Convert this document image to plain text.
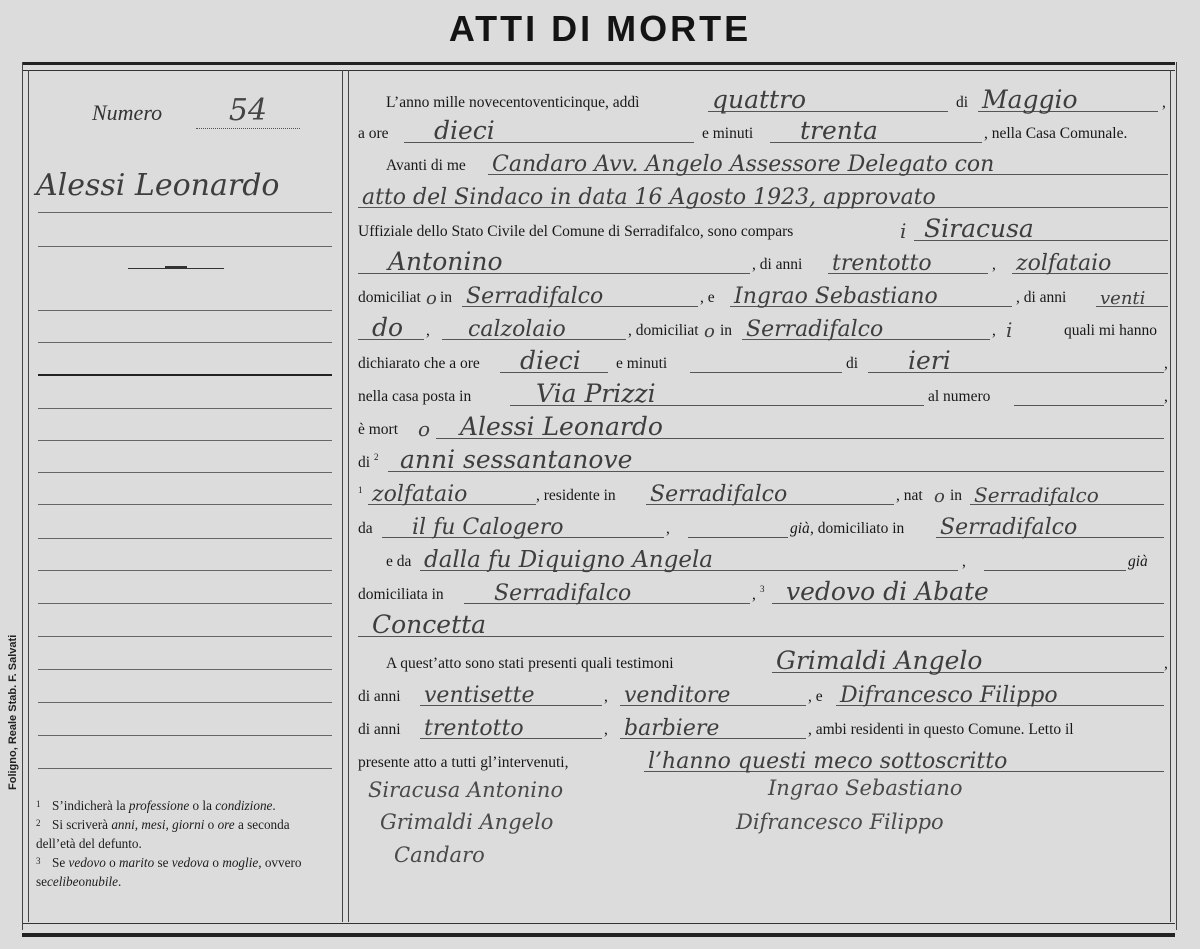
ATTI DI MORTE
Foligno, Reale Stab. F. Salvati
Numero	54
Alessi Leonardo
1 S’indicherà la professione o la condizione.
2 Si scriverà anni, mesi, giorni o ore a seconda
dell’età del defunto.
3 Se vedovo o marito se vedova o moglie, ovvero
se celibe o nubile .
L’anno mille novecentoventicinque, addì	quattro	di Maggio	,
a ore dieci	e minuti trenta	, nella Casa Comunale.
Avanti di me Candaro Avv. Angelo Assessore Delegato con
atto del Sindaco in data 16 Agosto 1923, approvato
Uffiziale dello Stato Civile del Comune di Serradifalco, sono compars	i Siracusa
Antonino	, di anni trentotto	, zolfataio
domiciliat o in Serradifalco	, e Ingrao Sebastiano	, di anni venti
do , calzolaio	, domiciliat o in Serradifalco	, i	quali mi hanno
dichiarato che a ore dieci e minuti	di ieri	,
nella casa posta in	Via Prizzi	al numero	,
è mort o Alessi Leonardo
di 2 anni sessantanove
1 zolfataio	, residente in Serradifalco	, nat o in Serradifalco
da il fu Calogero	,	già , domiciliato in Serradifalco
e da dalla fu Diquigno Angela	,	già
domiciliata in Serradifalco	, 3 vedovo di Abate
Concetta
A quest’atto sono stati presenti quali testimoni	Grimaldi Angelo	,
di anni ventisette	, venditore	, e Difrancesco Filippo
di anni trentotto	, barbiere	, ambi residenti in questo Comune. Letto il
presente atto a tutti gl’intervenuti,	l’hanno questi meco sottoscritto
Siracusa Antonino	Ingrao Sebastiano
Grimaldi Angelo	Difrancesco Filippo
Candaro
